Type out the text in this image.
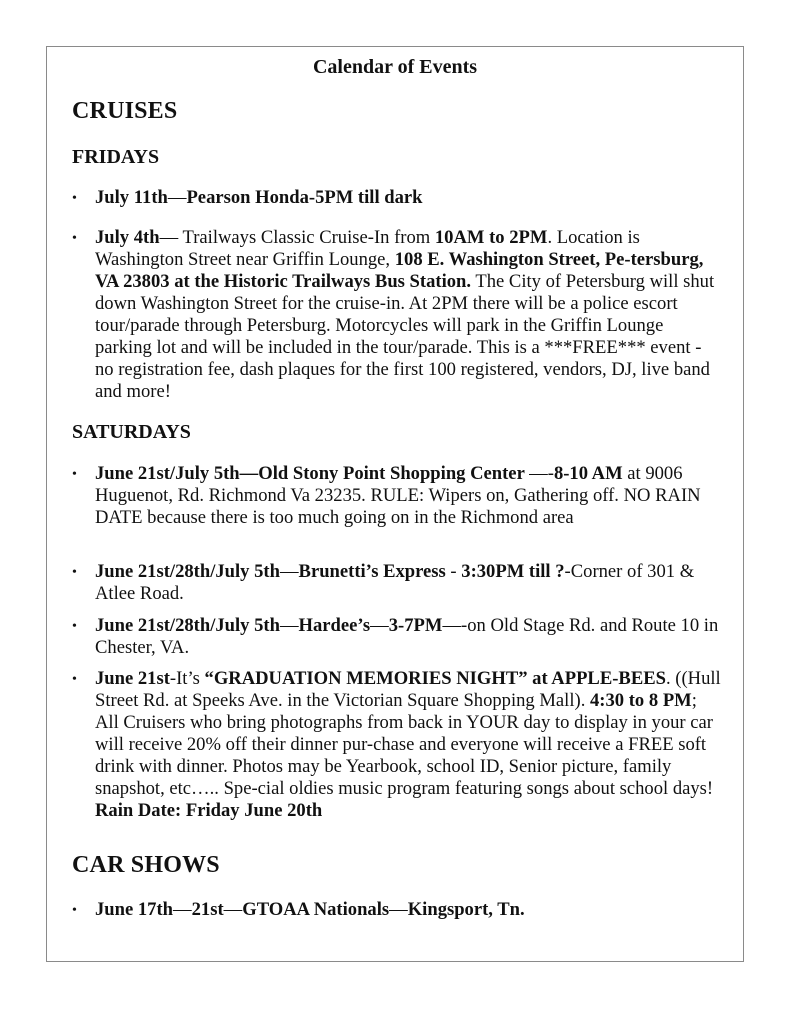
Calendar of Events
CRUISES
FRIDAYS
• July 11th—Pearson Honda-5PM till dark
• July 4th— Trailways Classic Cruise-In from 10AM to 2PM. Location is Washington Street near Griffin Lounge, 108 E. Washington Street, Pe-tersburg, VA 23803 at the Historic Trailways Bus Station. The City of Petersburg will shut down Washington Street for the cruise-in. At 2PM there will be a police escort tour/parade through Petersburg. Motorcycles will park in the Griffin Lounge parking lot and will be included in the tour/parade. This is a ***FREE*** event - no registration fee, dash plaques for the first 100 registered, vendors, DJ, live band and more!
SATURDAYS
• June 21st/July 5th—Old Stony Point Shopping Center —-8-10 AM at 9006 Huguenot, Rd. Richmond Va 23235. RULE: Wipers on, Gathering off. NO RAIN DATE because there is too much going on in the Richmond area
• June 21st/28th/July 5th—Brunetti’s Express - 3:30PM till ?-Corner of 301 & Atlee Road.
• June 21st/28th/July 5th—Hardee’s—3-7PM—-on Old Stage Rd. and Route 10 in Chester, VA.
• June 21st-It’s “GRADUATION MEMORIES NIGHT” at APPLE-BEES. ((Hull Street Rd. at Speeks Ave. in the Victorian Square Shopping Mall). 4:30 to 8 PM; All Cruisers who bring photographs from back in YOUR day to display in your car will receive 20% off their dinner pur-chase and everyone will receive a FREE soft drink with dinner. Photos may be Yearbook, school ID, Senior picture, family snapshot, etc….. Spe-cial oldies music program featuring songs about school days! Rain Date: Friday June 20th
CAR SHOWS
• June 17th—21st—GTOAA Nationals—Kingsport, Tn.
